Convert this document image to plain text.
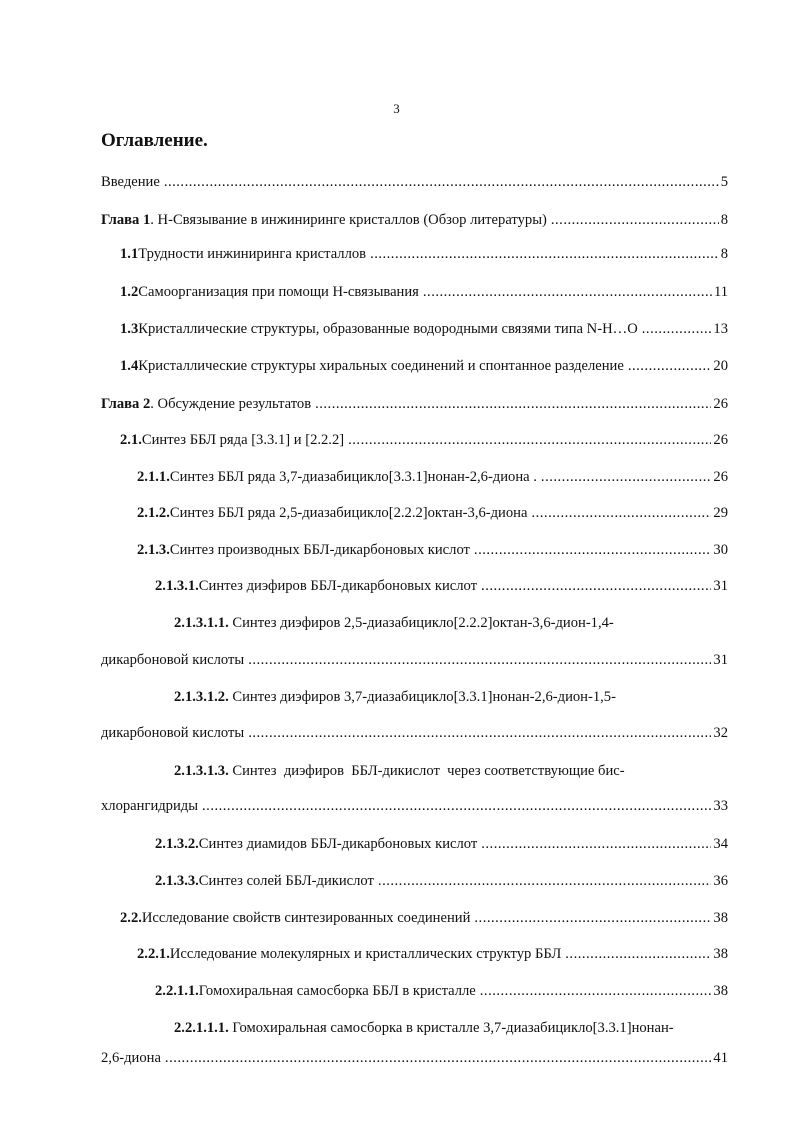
3
Оглавление.
Введение .....	5
Глава 1 . Н-Связывание в инжиниринге кристаллов (Обзор литературы) .....	8
1.1 Трудности инжиниринга кристаллов .....	8
1.2 Самоорганизация при помощи Н-связывания .....	11
1.3 Кристаллические структуры, образованные водородными связями типа N-H…O .....	13
1.4 Кристаллические структуры хиральных соединений и спонтанное разделение .....	20
Глава 2 . Обсуждение результатов .....	26
2.1. Синтез ББЛ ряда [3.3.1] и [2.2.2] .....	26
2.1.1. Синтез ББЛ ряда 3,7-диазабицикло[3.3.1]нонан-2,6-диона . .....	26
2.1.2. Синтез ББЛ ряда 2,5-диазабицикло[2.2.2]октан-3,6-диона .....	29
2.1.3. Синтез производных ББЛ-дикарбоновых кислот .....	30
2.1.3.1. Синтез диэфиров ББЛ-дикарбоновых кислот .....	31
2.1.3.1.1. Синтез диэфиров 2,5-диазабицикло[2.2.2]октан-3,6-дион-1,4-
дикарбоновой кислоты .....	31
2.1.3.1.2. Синтез диэфиров 3,7-диазабицикло[3.3.1]нонан-2,6-дион-1,5-
дикарбоновой кислоты .....	32
2.1.3.1.3. Синтез  диэфиров  ББЛ-дикислот  через соответствующие бис-
хлорангидриды .....	33
2.1.3.2. Синтез диамидов ББЛ-дикарбоновых кислот .....	34
2.1.3.3. Синтез солей ББЛ-дикислот .....	36
2.2. Исследование свойств синтезированных соединений .....	38
2.2.1. Исследование молекулярных и кристаллических структур ББЛ .....	38
2.2.1.1. Гомохиральная самосборка ББЛ в кристалле .....	38
2.2.1.1.1. Гомохиральная самосборка в кристалле 3,7-диазабицикло[3.3.1]нонан-
2,6-диона .....	41
